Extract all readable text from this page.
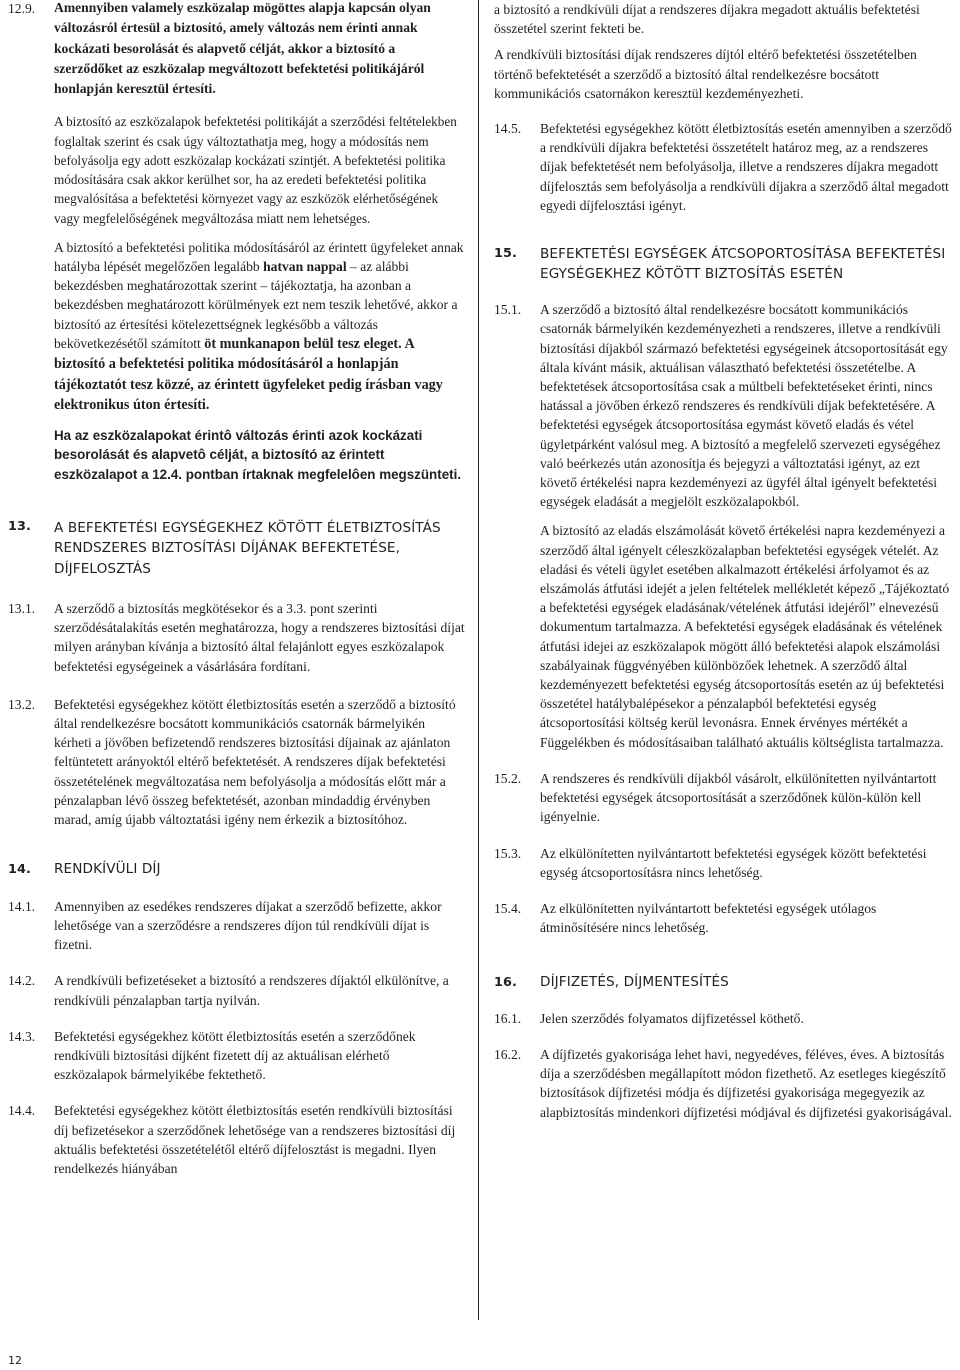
12.9.	Amennyiben valamely eszközalap mögöttes alapja kapcsán olyan változásról értesül a biztosító, amely változás nem érinti annak kockázati besorolását és alapvető célját, akkor a biztosító a szerződőket az eszközalap megváltozott befektetési politikájáról honlapján keresztül értesíti.

A biztosító az eszközalapok befektetési politikáját a szerződési feltételekben foglaltak szerint és csak úgy változtathatja meg, hogy a módosítás nem befolyásolja egy adott eszközalap kockázati szintjét. A befektetési politika módosítására csak akkor kerülhet sor, ha az eredeti befektetési politika megvalósítása a befektetési környezet vagy az eszközök elérhetőségének vagy megfelelőségének megváltozása miatt nem lehetséges.

A biztosító a befektetési politika módosításáról az érintett ügyfeleket annak hatályba lépését megelőzően legalább hatvan nappal – az alábbi bekezdésben meghatározottak szerint – tájékoztatja, ha azonban a bekezdésben meghatározott körülmények ezt nem teszik lehetővé, akkor a biztosító az értesítési kötelezettségnek legkésőbb a változás bekövetkezésétől számított öt munkanapon belül tesz eleget. A biztosító a befektetési politika módosításáról a honlapján tájékoztatót tesz közzé, az érintett ügyfeleket pedig írásban vagy elektronikus úton értesíti.

Ha az eszközalapokat érintô változás érinti azok kockázati besorolását és alapvetô célját, a biztosító az érintett eszközalapot a 12.4. pontban írtaknak megfelelôen megszünteti.

13.	A BEFEKTETÉSI EGYSÉGEKHEZ KÖTÖTT ÉLETBIZTOSÍTÁS RENDSZERES BIZTOSÍTÁSI DÍJÁNAK BEFEKTETÉSE, DÍJFELOSZTÁS
13.1.	A szerződő a biztosítás megkötésekor és a 3.3. pont szerinti szerződésátalakítás esetén meghatározza, hogy a rendszeres biztosítási díjat milyen arányban kívánja a biztosító által felajánlott egyes eszközalapok befektetési egységeinek a vásárlására fordítani.
13.2.	Befektetési egységekhez kötött életbiztosítás esetén a szerződő a biztosító által rendelkezésre bocsátott kommunikációs csatornák bármelyikén kérheti a jövőben befizetendő rendszeres biztosítási díjainak az ajánlaton feltüntetett arányoktól eltérő befektetését. A rendszeres díjak befektetési összetételének megváltozatása nem befolyásolja a módosítás előtt már a pénzalapban lévő összeg befektetését, azonban mindaddig érvényben marad, amíg újabb változtatási igény nem érkezik a biztosítóhoz.
14.	RENDKÍVÜLI DÍJ
14.1.	Amennyiben az esedékes rendszeres díjakat a szerződő befizette, akkor lehetősége van a szerződésre a rendszeres díjon túl rendkívüli díjat is fizetni.
14.2.	A rendkívüli befizetéseket a biztosító a rendszeres díjaktól elkülönítve, a rendkívüli pénzalapban tartja nyilván.
14.3.	Befektetési egységekhez kötött életbiztosítás esetén a szerződőnek rendkívüli biztosítási díjként fizetett díj az aktuálisan elérhető eszközalapok bármelyikébe fektethető.
14.4.	Befektetési egységekhez kötött életbiztosítás esetén rendkívüli biztosítási díj befizetésekor a szerződőnek lehetősége van a rendszeres biztosítási díj aktuális befektetési összetételétől eltérő díjfelosztást is megadni. Ilyen rendelkezés hiányában

a biztosító a rendkívüli díjat a rendszeres díjakra megadott aktuális befektetési összetétel szerint fekteti be.

A rendkívüli biztosítási díjak rendszeres díjtól eltérő befektetési összetételben történő befektetését a szerződő a biztosító által rendelkezésre bocsátott kommunikációs csatornákon keresztül kezdeményezheti.

14.5.	Befektetési egységekhez kötött életbiztosítás esetén amennyiben a szerződő a rendkívüli díjakra befektetési összetételt határoz meg, az a rendszeres díjak befektetését nem befolyásolja, illetve a rendszeres díjakra megadott díjfelosztás sem befolyásolja a rendkívüli díjakra a szerződő által megadott egyedi díjfelosztási igényt.
15.	BEFEKTETÉSI EGYSÉGEK ÁTCSOPORTOSÍTÁSA BEFEKTETÉSI EGYSÉGEKHEZ KÖTÖTT BIZTOSÍTÁS ESETÉN
15.1.	A szerződő a biztosító által rendelkezésre bocsátott kommunikációs csatornák bármelyikén kezdeményezheti a rendszeres, illetve a rendkívüli biztosítási díjakból származó befektetési egységeinek átcsoportosítását egy általa kívánt másik, aktuálisan választható befektetési összetételbe. A befektetések átcsoportosítása csak a múltbeli befektetéseket érinti, nincs hatással a jövőben érkező rendszeres és rendkívüli díjak befektetésére. A befektetési egységek átcsoportosítása egymást követő eladás és vétel ügyletpárként valósul meg. A biztosító a megfelelő szervezeti egységéhez való beérkezés után azonosítja és bejegyzi a változtatási igényt, az ezt követő értékelési napra kezdeményezi az ügyfél által igényelt befektetési egységek eladását a megjelölt eszközalapokból.

A biztosító az eladás elszámolását követő értékelési napra kezdeményezi a szerződő által igényelt céleszközalapban befektetési egységek vételét. Az eladási és vételi ügylet esetében alkalmazott értékelési árfolyamot és az elszámolás átfutási idejét a jelen feltételek mellékletét képező „Tájékoztató a befektetési egységek eladásának/vételének átfutási idejéről” elnevezésű dokumentum tartalmazza. A befektetési egységek eladásának és vételének átfutási idejei az eszközalapok mögött álló befektetési alapok elszámolási szabályainak függvényében különbözőek lehetnek. A szerződő által kezdeményezett befektetési egység átcsoportosítás esetén az új befektetési összetétel hatálybalépésekor a pénzalapból befektetési egység átcsoportosítási költség kerül levonásra. Ennek érvényes mértékét a Függelékben és módosításaiban található aktuális költséglista tartalmazza.

15.2.	A rendszeres és rendkívüli díjakból vásárolt, elkülönítetten nyilvántartott befektetési egységek átcsoportosítását a szerződőnek külön-külön kell igényelnie.
15.3.	Az elkülönítetten nyilvántartott befektetési egységek között befektetési egység átcsoportosításra nincs lehetőség.
15.4.	Az elkülönítetten nyilvántartott befektetési egységek utólagos átminősítésére nincs lehetőség.
16.	DÍJFIZETÉS, DÍJMENTESÍTÉS
16.1.	Jelen szerződés folyamatos díjfizetéssel köthető.
16.2.	A díjfizetés gyakorisága lehet havi, negyedéves, féléves, éves. A biztosítás díja a szerződésben megállapított módon fizethető. Az esetleges kiegészítő biztosítások díjfizetési módja és díjfizetési gyakorisága megegyezik az alapbiztosítás mindenkori díjfizetési módjával és díjfizetési gyakoriságával.
12
